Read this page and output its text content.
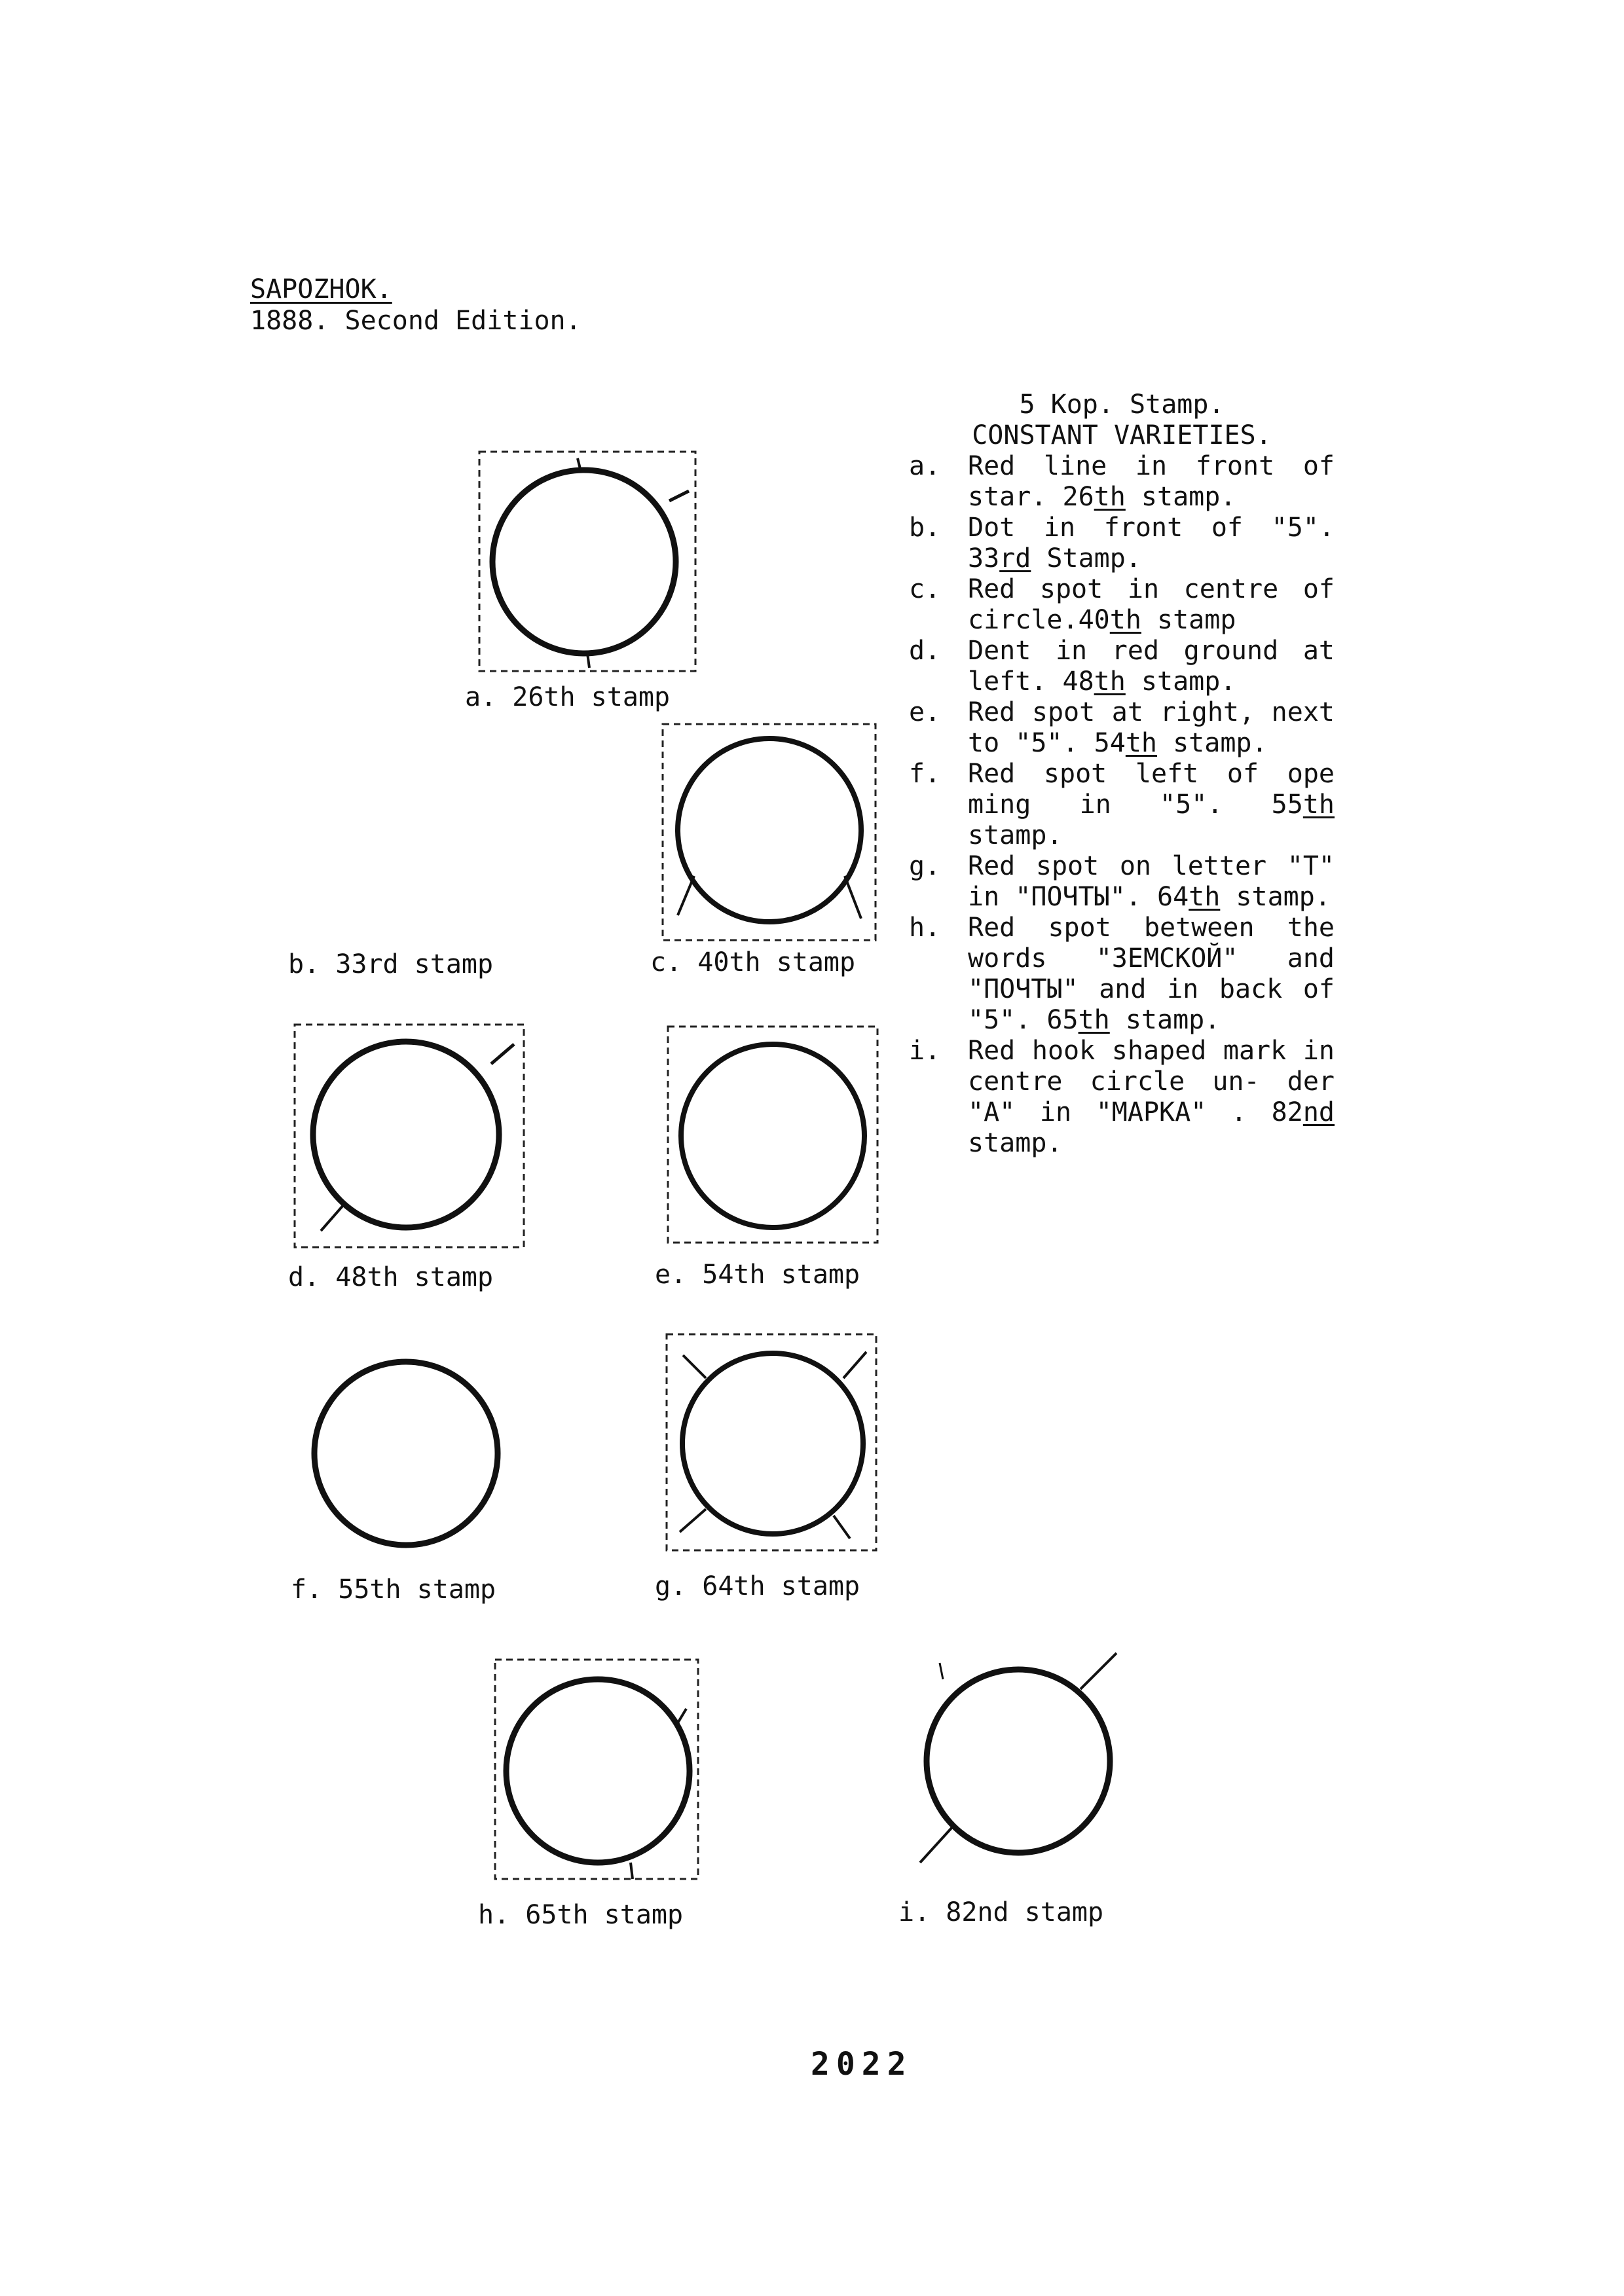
SAPOZHOK.
1888. Second Edition.
a. 26th stamp
b. 33rd stamp	c. 40th stamp
d. 48th stamp	e. 54th stamp
f. 55th stamp	g. 64th stamp
h. 65th stamp	i. 82nd stamp
5 Kop. Stamp.
CONSTANT VARIETIES.
a. Red line in front of star. 26th stamp.
b. Dot in front of "5". 33rd Stamp.
c. Red spot in centre of circle.40th stamp
d. Dent in red ground at left. 48th stamp.
e. Red spot at right, next to "5". 54th stamp.
f. Red spot left of ope ming in "5". 55th stamp.
g. Red spot on letter "T" in "ПОЧТЫ". 64th stamp.
h. Red spot between the words "ЗЕМСКОЙ" and "ПОЧТЫ" and in back of "5". 65th stamp.
i. Red hook shaped mark in centre circle un- der "A" in "MAPKA" . 82nd stamp.
2022
